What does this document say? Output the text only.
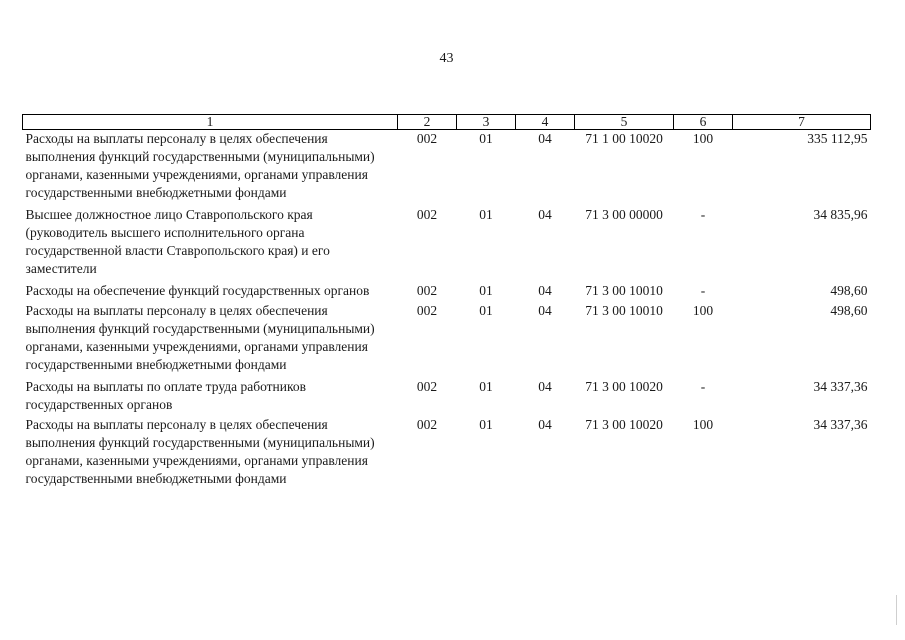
43
1	2	3	4	5	6	7
Расходы на выплаты персоналу в целях обеспечения выполнения функций государственными (муниципальными) органами, казенными учреждениями, органами управления государственными внебюджетными фондами	002	01	04	71 1 00 10020	100	335 112,95
Высшее должностное лицо Ставропольского края (руководитель высшего исполнительного органа государственной власти Ставропольского края) и его заместители	002	01	04	71 3 00 00000	-	34 835,96
Расходы на обеспечение функций государственных органов	002	01	04	71 3 00 10010	-	498,60
Расходы на выплаты персоналу в целях обеспечения выполнения функций государственными (муниципальными) органами, казенными учреждениями, органами управления государственными внебюджетными фондами	002	01	04	71 3 00 10010	100	498,60
Расходы на выплаты по оплате труда работников государственных органов	002	01	04	71 3 00 10020	-	34 337,36
Расходы на выплаты персоналу в целях обеспечения выполнения функций государственными (муниципальными) органами, казенными учреждениями, органами управления государственными внебюджетными фондами	002	01	04	71 3 00 10020	100	34 337,36
